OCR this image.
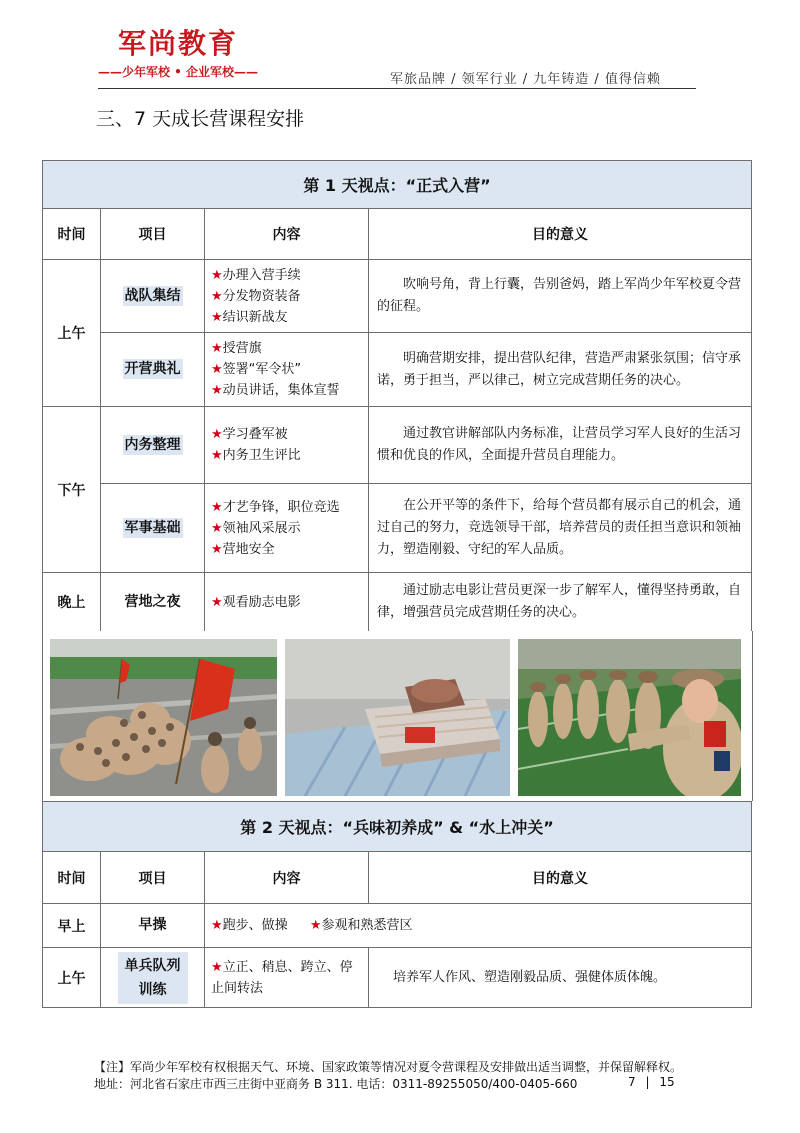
军尚教育
——少年军校 • 企业军校——	军旅品牌 / 领军行业 / 九年铸造 / 值得信赖
三、7 天成长营课程安排
第 1 天视点：“正式入营”			
时间	项目	内容	目的意义
上午	战队集结	★办理入营手续
★分发物资装备
★结识新战友	吹响号角，背上行囊，告别爸妈，踏上军尚少年军校夏令营的征程。
	开营典礼	★授营旗
★签署“军令状”
★动员讲话，集体宣誓	明确营期安排，提出营队纪律，营造严肃紧张氛围；信守承诺，勇于担当，严以律己，树立完成营期任务的决心。
下午	内务整理	★学习叠军被
★内务卫生评比	通过教官讲解部队内务标准，让营员学习军人良好的生活习惯和优良的作风，全面提升营员自理能力。
	军事基础	★才艺争锋，职位竞选
★领袖风采展示
★营地安全	在公开平等的条件下，给每个营员都有展示自己的机会，通过自己的努力，竞选领导干部，培养营员的责任担当意识和领袖力，塑造刚毅、守纪的军人品质。
晚上	营地之夜	★观看励志电影	通过励志电影让营员更深一步了解军人，懂得坚持勇敢，自律，增强营员完成营期任务的决心。
第 2 天视点：“兵味初养成” & “水上冲关”			
时间	项目	内容	目的意义
早上	早操	★跑步、做操 ★参观和熟悉营区	
上午	单兵队列训练	★立正、稍息、跨立、停止间转法	培养军人作风、塑造刚毅品质、强健体质体魄。
【注】军尚少年军校有权根据天气、环境、国家政策等情况对夏令营课程及安排做出适当调整，并保留解释权。
地址：河北省石家庄市西三庄街中亚商务 B 311. 电话：0311-89255050/400-0405-660	7 | 15
